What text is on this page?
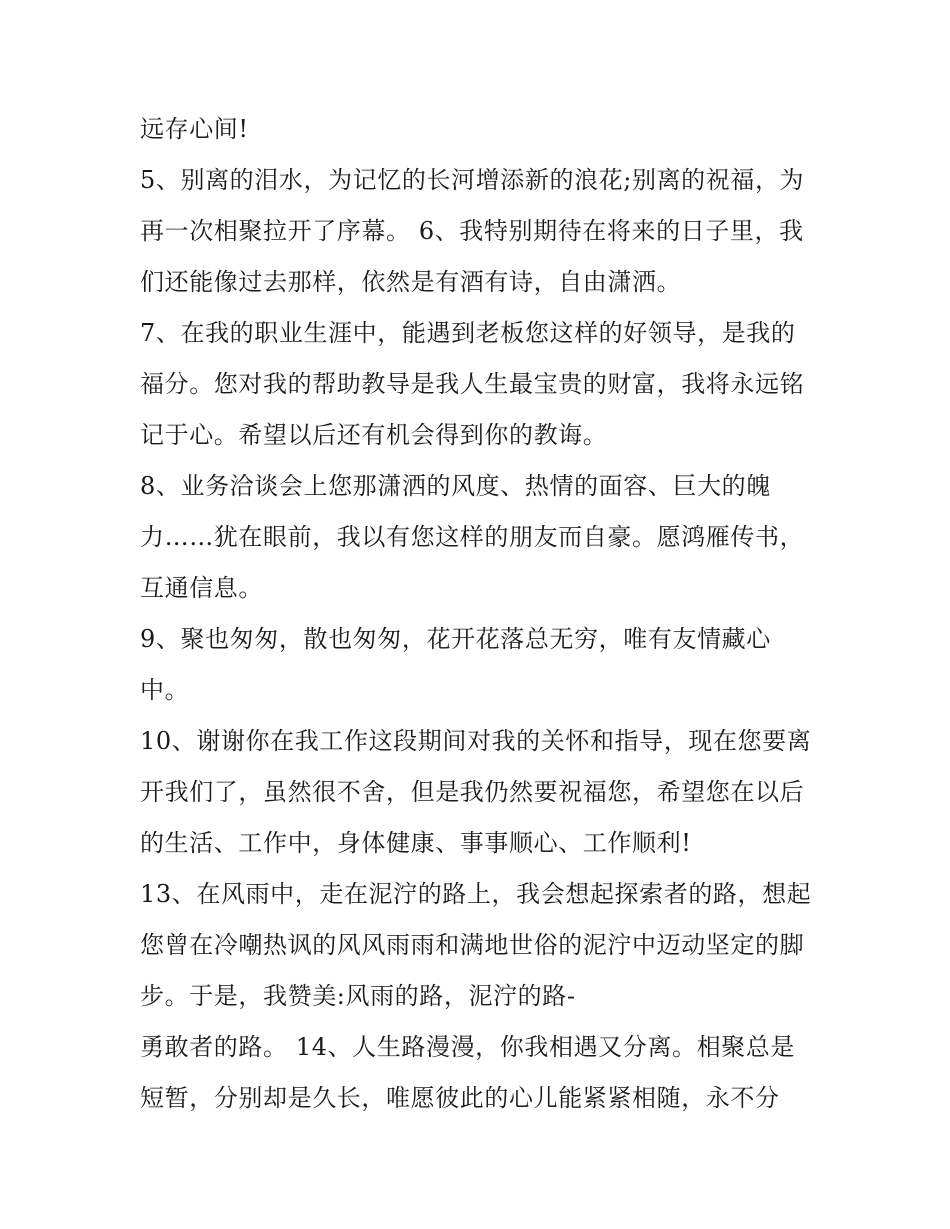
远存心间!
5、别离的泪水，为记忆的长河增添新的浪花;别离的祝福，为
再一次相聚拉开了序幕。 6、我特别期待在将来的日子里，我
们还能像过去那样，依然是有酒有诗，自由潇洒。
7、在我的职业生涯中，能遇到老板您这样的好领导，是我的
福分。您对我的帮助教导是我人生最宝贵的财富，我将永远铭
记于心。希望以后还有机会得到你的教诲。
8、业务洽谈会上您那潇洒的风度、热情的面容、巨大的魄
力……犹在眼前，我以有您这样的朋友而自豪。愿鸿雁传书，
互通信息。
9、聚也匆匆，散也匆匆，花开花落总无穷，唯有友情藏心
中。
10、谢谢你在我工作这段期间对我的关怀和指导，现在您要离
开我们了，虽然很不舍，但是我仍然要祝福您，希望您在以后
的生活、工作中，身体健康、事事顺心、工作顺利!
13、在风雨中，走在泥泞的路上，我会想起探索者的路，想起
您曾在冷嘲热讽的风风雨雨和满地世俗的泥泞中迈动坚定的脚
步。于是，我赞美:风雨的路，泥泞的路-
勇敢者的路。 14、人生路漫漫，你我相遇又分离。相聚总是
短暂，分别却是久长，唯愿彼此的心儿能紧紧相随，永不分
